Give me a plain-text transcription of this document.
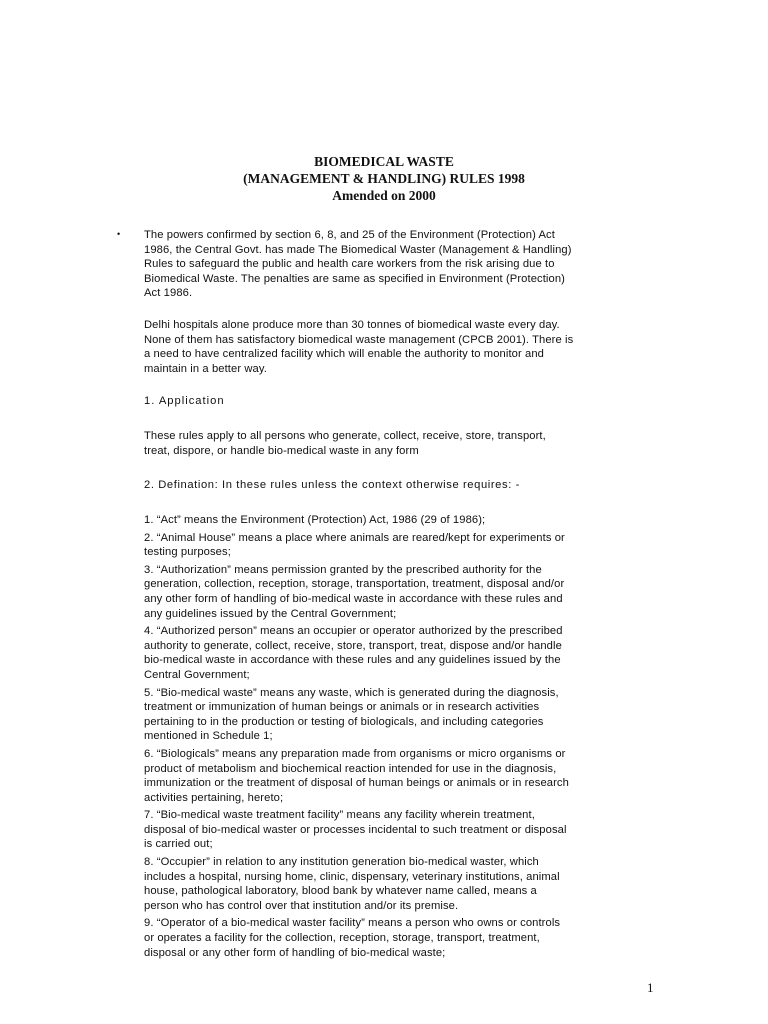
BIOMEDICAL WASTE
(MANAGEMENT & HANDLING) RULES 1998
Amended on 2000
• The powers confirmed by section 6, 8, and 25 of the Environment (Protection) Act
1986, the Central Govt. has made The Biomedical Waster (Management & Handling)
Rules to safeguard the public and health care workers from the risk arising due to
Biomedical Waste. The penalties are same as specified in Environment (Protection)
Act 1986.
Delhi hospitals alone produce more than 30 tonnes of biomedical waste every day.
None of them has satisfactory biomedical waste management (CPCB 2001). There is
a need to have centralized facility which will enable the authority to monitor and
maintain in a better way.
1. Application
These rules apply to all persons who generate, collect, receive, store, transport,
treat, dispore, or handle bio-medical waste in any form
2. Defination: In these rules unless the context otherwise requires: -
1. “Act” means the Environment (Protection) Act, 1986 (29 of 1986);
2. “Animal House” means a place where animals are reared/kept for experiments or
testing purposes;
3. “Authorization” means permission granted by the prescribed authority for the
generation, collection, reception, storage, transportation, treatment, disposal and/or
any other form of handling of bio-medical waste in accordance with these rules and
any guidelines issued by the Central Government;
4. “Authorized person” means an occupier or operator authorized by the prescribed
authority to generate, collect, receive, store, transport, treat, dispose and/or handle
bio-medical waste in accordance with these rules and any guidelines issued by the
Central Government;
5. “Bio-medical waste” means any waste, which is generated during the diagnosis,
treatment or immunization of human beings or animals or in research activities
pertaining to in the production or testing of biologicals, and including categories
mentioned in Schedule 1;
6. “Biologicals” means any preparation made from organisms or micro organisms or
product of metabolism and biochemical reaction intended for use in the diagnosis,
immunization or the treatment of disposal of human beings or animals or in research
activities pertaining, hereto;
7. “Bio-medical waste treatment facility” means any facility wherein treatment,
disposal of bio-medical waster or processes incidental to such treatment or disposal
is carried out;
8. “Occupier” in relation to any institution generation bio-medical waster, which
includes a hospital, nursing home, clinic, dispensary, veterinary institutions, animal
house, pathological laboratory, blood bank by whatever name called, means a
person who has control over that institution and/or its premise.
9. “Operator of a bio-medical waster facility” means a person who owns or controls
or operates a facility for the collection, reception, storage, transport, treatment,
disposal or any other form of handling of bio-medical waste;
1
